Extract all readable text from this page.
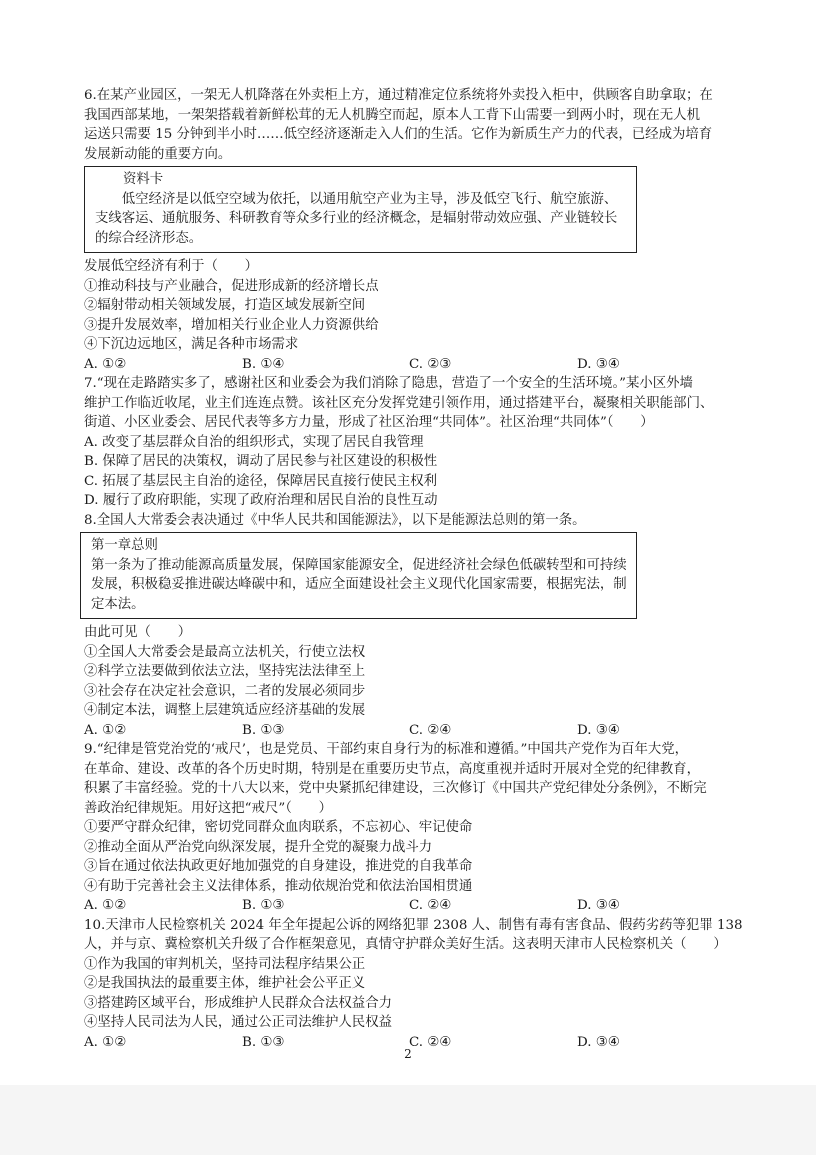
6.在某产业园区，一架无人机降落在外卖柜上方，通过精准定位系统将外卖投入柜中，供顾客自助拿取；在
我国西部某地，一架架搭载着新鲜松茸的无人机腾空而起，原本人工背下山需要一到两小时，现在无人机
运送只需要 15 分钟到半小时……低空经济逐渐走入人们的生活。它作为新质生产力的代表，已经成为培育
发展新动能的重要方向。
资料卡
低空经济是以低空空域为依托，以通用航空产业为主导，涉及低空飞行、航空旅游、支线客运、通航服务、科研教育等众多行业的经济概念，是辐射带动效应强、产业链较长的综合经济形态。
发展低空经济有利于（　　）
①推动科技与产业融合，促进形成新的经济增长点
②辐射带动相关领域发展，打造区域发展新空间
③提升发展效率，增加相关行业企业人力资源供给
④下沉边远地区，满足各种市场需求
A. ①②	B. ①④	C. ②③	D. ③④
7.“现在走路踏实多了，感谢社区和业委会为我们消除了隐患，营造了一个安全的生活环境。”某小区外墙
维护工作临近收尾，业主们连连点赞。该社区充分发挥党建引领作用，通过搭建平台，凝聚相关职能部门、
街道、小区业委会、居民代表等多方力量，形成了社区治理“共同体”。社区治理“共同体”（　　）
A. 改变了基层群众自治的组织形式，实现了居民自我管理
B. 保障了居民的决策权，调动了居民参与社区建设的积极性
C. 拓展了基层民主自治的途径，保障居民直接行使民主权利
D. 履行了政府职能，实现了政府治理和居民自治的良性互动
8.全国人大常委会表决通过《中华人民共和国能源法》，以下是能源法总则的第一条。
第一章总则
第一条为了推动能源高质量发展，保障国家能源安全，促进经济社会绿色低碳转型和可持续发展，积极稳妥推进碳达峰碳中和，适应全面建设社会主义现代化国家需要，根据宪法，制定本法。
由此可见（　　）
①全国人大常委会是最高立法机关，行使立法权
②科学立法要做到依法立法，坚持宪法法律至上
③社会存在决定社会意识，二者的发展必须同步
④制定本法，调整上层建筑适应经济基础的发展
A. ①②	B. ①③	C. ②④	D. ③④
9.“纪律是管党治党的‘戒尺’，也是党员、干部约束自身行为的标准和遵循。”中国共产党作为百年大党，
在革命、建设、改革的各个历史时期，特别是在重要历史节点，高度重视并适时开展对全党的纪律教育，
积累了丰富经验。党的十八大以来，党中央紧抓纪律建设，三次修订《中国共产党纪律处分条例》，不断完
善政治纪律规矩。用好这把“戒尺”（　　）
①要严守群众纪律，密切党同群众血肉联系，不忘初心、牢记使命
②推动全面从严治党向纵深发展，提升全党的凝聚力战斗力
③旨在通过依法执政更好地加强党的自身建设，推进党的自我革命
④有助于完善社会主义法律体系，推动依规治党和依法治国相贯通
A. ①②	B. ①③	C. ②④	D. ③④
10.天津市人民检察机关 2024 年全年提起公诉的网络犯罪 2308 人、制售有毒有害食品、假药劣药等犯罪 138
人，并与京、冀检察机关升级了合作框架意见，真情守护群众美好生活。这表明天津市人民检察机关（　　）
①作为我国的审判机关，坚持司法程序结果公正
②是我国执法的最重要主体，维护社会公平正义
③搭建跨区域平台，形成维护人民群众合法权益合力
④坚持人民司法为人民，通过公正司法维护人民权益
A. ①②	B. ①③	C. ②④	D. ③④
2
